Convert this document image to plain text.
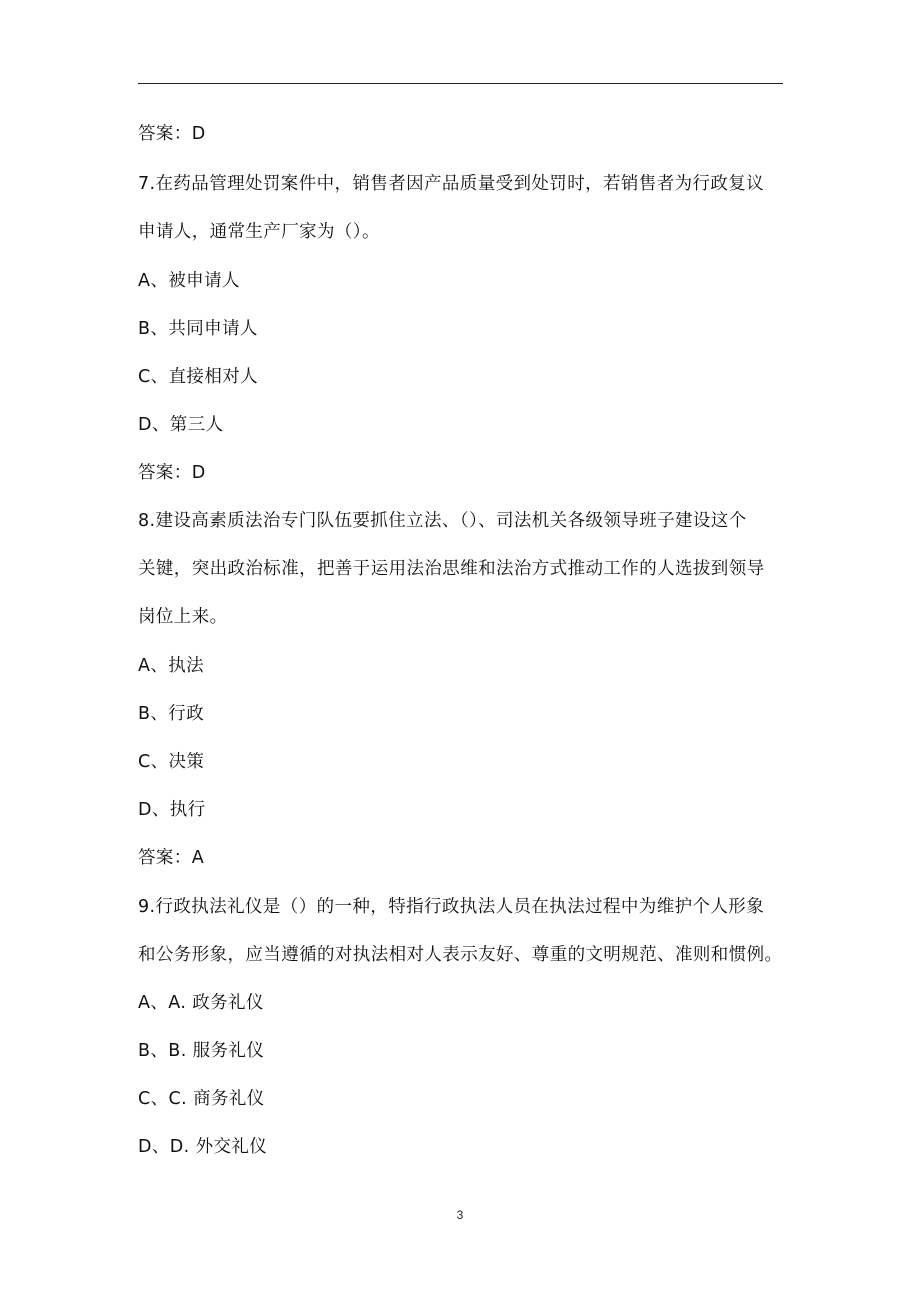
答案：D
7.在药品管理处罚案件中，销售者因产品质量受到处罚时，若销售者为行政复议
申请人，通常生产厂家为（）。
A、被申请人
B、共同申请人
C、直接相对人
D、第三人
答案：D
8.建设高素质法治专门队伍要抓住立法、（）、司法机关各级领导班子建设这个
关键，突出政治标准，把善于运用法治思维和法治方式推动工作的人选拔到领导
岗位上来。
A、执法
B、行政
C、决策
D、执行
答案：A
9.行政执法礼仪是（）的一种，特指行政执法人员在执法过程中为维护个人形象
和公务形象，应当遵循的对执法相对人表示友好、尊重的文明规范、准则和惯例。
A、A. 政务礼仪
B、B. 服务礼仪
C、C. 商务礼仪
D、D. 外交礼仪
3
